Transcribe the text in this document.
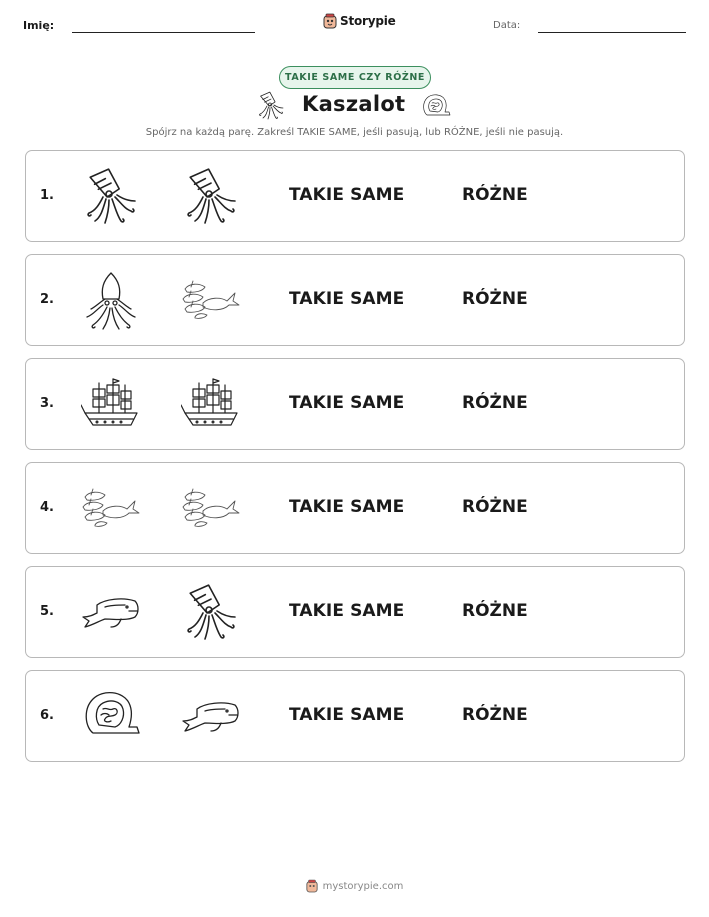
Imię:	Storypie	Data:
TAKIE SAME CZY RÓŻNE
Kaszalot
Spójrz na każdą parę. Zakreśl TAKIE SAME, jeśli pasują, lub RÓŻNE, jeśli nie pasują.
1.	TAKIE SAME	RÓŻNE
2.	TAKIE SAME	RÓŻNE
3.	TAKIE SAME	RÓŻNE
4.	TAKIE SAME	RÓŻNE
5.	TAKIE SAME	RÓŻNE
6.	TAKIE SAME	RÓŻNE
mystorypie.com
